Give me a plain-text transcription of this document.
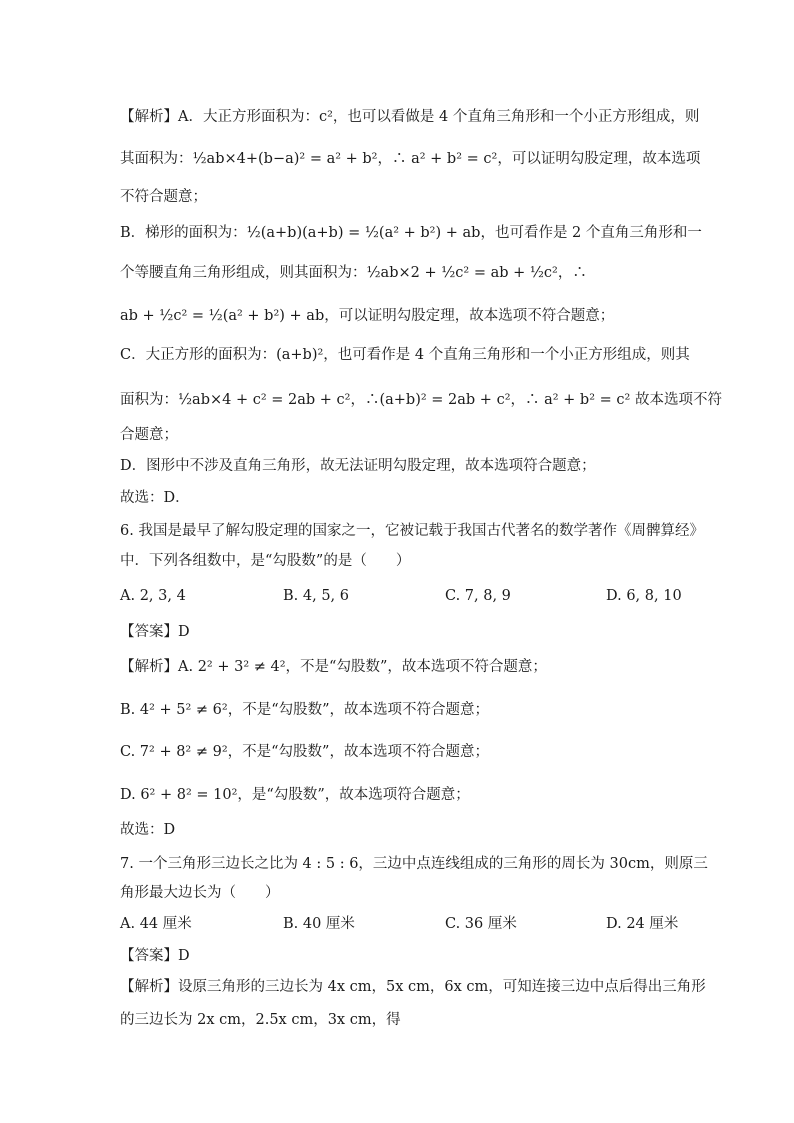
【解析】A．大正方形面积为：c²，也可以看做是 4 个直角三角形和一个小正方形组成，则
其面积为：½ab×4+(b−a)² = a² + b²，∴ a² + b² = c²，可以证明勾股定理，故本选项
不符合题意；
B．梯形的面积为：½(a+b)(a+b) = ½(a² + b²) + ab，也可看作是 2 个直角三角形和一
个等腰直角三角形组成，则其面积为：½ab×2 + ½c² = ab + ½c²，∴
ab + ½c² = ½(a² + b²) + ab，可以证明勾股定理，故本选项不符合题意；
C．大正方形的面积为：(a+b)²，也可看作是 4 个直角三角形和一个小正方形组成，则其
面积为：½ab×4 + c² = 2ab + c²，∴(a+b)² = 2ab + c²，∴ a² + b² = c² 故本选项不符
合题意；
D．图形中不涉及直角三角形，故无法证明勾股定理，故本选项符合题意；
故选：D．
6. 我国是最早了解勾股定理的国家之一，它被记载于我国古代著名的数学著作《周髀算经》
中．下列各组数中，是“勾股数”的是（　　）
A. 2, 3, 4	B. 4, 5, 6	C. 7, 8, 9	D. 6, 8, 10
【答案】D
【解析】A. 2² + 3² ≠ 4²，不是“勾股数”，故本选项不符合题意；
B. 4² + 5² ≠ 6²，不是“勾股数”，故本选项不符合题意；
C. 7² + 8² ≠ 9²，不是“勾股数”，故本选项不符合题意；
D. 6² + 8² = 10²，是“勾股数”，故本选项符合题意；
故选：D
7. 一个三角形三边长之比为 4 : 5 : 6，三边中点连线组成的三角形的周长为 30cm，则原三
角形最大边长为（　　）
A. 44 厘米	B. 40 厘米	C. 36 厘米	D. 24 厘米
【答案】D
【解析】设原三角形的三边长为 4x cm，5x cm，6x cm，可知连接三边中点后得出三角形
的三边长为 2x cm，2.5x cm，3x cm，得
